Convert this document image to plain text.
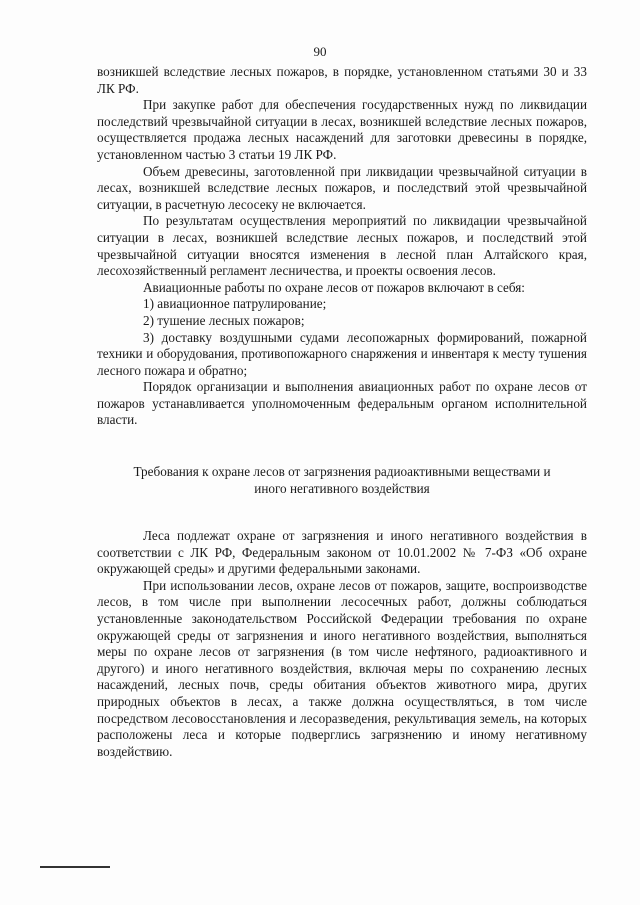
90

возникшей вследствие лесных пожаров, в порядке, установленном статьями 30 и 33 ЛК РФ.

При закупке работ для обеспечения государственных нужд по ликвидации последствий чрезвычайной ситуации в лесах, возникшей вследствие лесных пожаров, осуществляется продажа лесных насаждений для заготовки древесины в порядке, установленном частью 3 статьи 19 ЛК РФ.

Объем древесины, заготовленной при ликвидации чрезвычайной ситуации в лесах, возникшей вследствие лесных пожаров, и последствий этой чрезвычайной ситуации, в расчетную лесосеку не включается.

По результатам осуществления мероприятий по ликвидации чрезвычайной ситуации в лесах, возникшей вследствие лесных пожаров, и последствий этой чрезвычайной ситуации вносятся изменения в лесной план Алтайского края, лесохозяйственный регламент лесничества, и проекты освоения лесов.

Авиационные работы по охране лесов от пожаров включают в себя:

1) авиационное патрулирование;

2) тушение лесных пожаров;

3) доставку воздушными судами лесопожарных формирований, пожарной техники и оборудования, противопожарного снаряжения и инвентаря к месту тушения лесного пожара и обратно;

Порядок организации и выполнения авиационных работ по охране лесов от пожаров устанавливается уполномоченным федеральным органом исполнительной власти.

Требования к охране лесов от загрязнения радиоактивными веществами и
иного негативного воздействия

Леса подлежат охране от загрязнения и иного негативного воздействия в соответствии с ЛК РФ, Федеральным законом от 10.01.2002 № 7-ФЗ «Об охране окружающей среды» и другими федеральными законами.

При использовании лесов, охране лесов от пожаров, защите, воспроизводстве лесов, в том числе при выполнении лесосечных работ, должны соблюдаться установленные законодательством Российской Федерации требования по охране окружающей среды от загрязнения и иного негативного воздействия, выполняться меры по охране лесов от загрязнения (в том числе нефтяного, радиоактивного и другого) и иного негативного воздействия, включая меры по сохранению лесных насаждений, лесных почв, среды обитания объектов животного мира, других природных объектов в лесах, а также должна осуществляться, в том числе посредством лесовосстановления и лесоразведения, рекультивация земель, на которых расположены леса и которые подверглись загрязнению и иному негативному воздействию.
